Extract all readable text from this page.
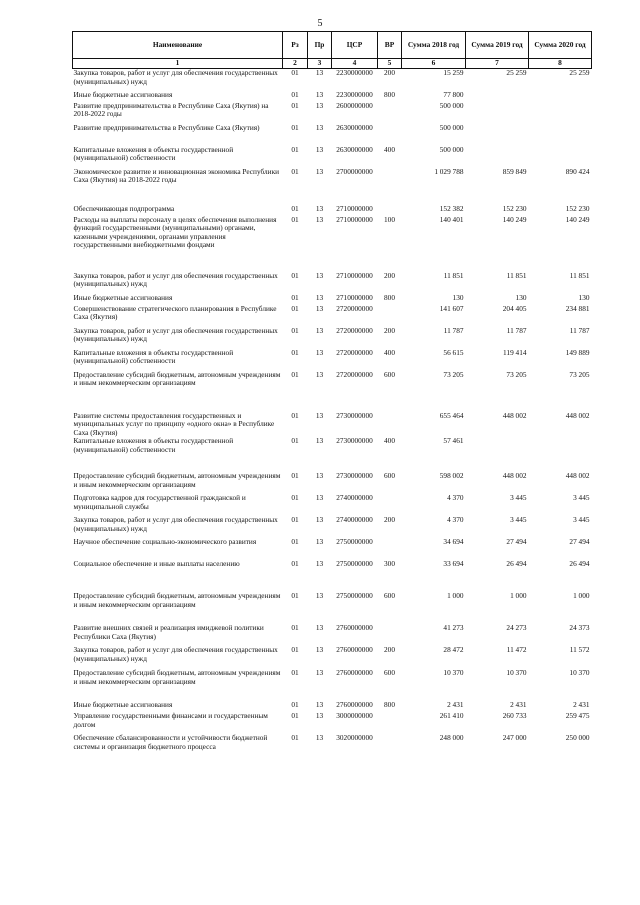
5
Наименование	Рз	Пр	ЦСР	ВР	Сумма 2018 год	Сумма 2019 год	Сумма 2020 год
1	2	3	4	5	6	7	8
Закупка товаров, работ и услуг для обеспечения государственных (муниципальных) нужд	01	13	2230000000	200	15 259	25 259	25 259
Иные бюджетные ассигнования	01	13	2230000000	800	77 800		
Развитие предпринимательства в Республике Саха (Якутия) на 2018-2022 годы	01	13	2600000000		500 000		
Развитие предпринимательства в Республике Саха (Якутия)	01	13	2630000000		500 000		
Капитальные вложения в объекты государственной (муниципальной) собственности	01	13	2630000000	400	500 000		
Экономическое развитие и инновационная экономика Республики Саха (Якутия) на 2018-2022 годы	01	13	2700000000		1 029 788	859 849	890 424
Обеспечивающая подпрограмма	01	13	2710000000		152 382	152 230	152 230
Расходы на выплаты персоналу в целях обеспечения выполнения функций государственными (муниципальными) органами, казенными учреждениями, органами управления государственными внебюджетными фондами	01	13	2710000000	100	140 401	140 249	140 249
Закупка товаров, работ и услуг для обеспечения государственных (муниципальных) нужд	01	13	2710000000	200	11 851	11 851	11 851
Иные бюджетные ассигнования	01	13	2710000000	800	130	130	130
Совершенствование стратегического планирования в Республике Саха (Якутия)	01	13	2720000000		141 607	204 405	234 881
Закупка товаров, работ и услуг для обеспечения государственных (муниципальных) нужд	01	13	2720000000	200	11 787	11 787	11 787
Капитальные вложения в объекты государственной (муниципальной) собственности	01	13	2720000000	400	56 615	119 414	149 889
Предоставление субсидий бюджетным, автономным учреждениям и иным некоммерческим организациям	01	13	2720000000	600	73 205	73 205	73 205
Развитие системы предоставления государственных и муниципальных услуг по принципу «одного окна» в Республике Саха (Якутия)	01	13	2730000000		655 464	448 002	448 002
Капитальные вложения в объекты государственной (муниципальной) собственности	01	13	2730000000	400	57 461		
Предоставление субсидий бюджетным, автономным учреждениям и иным некоммерческим организациям	01	13	2730000000	600	598 002	448 002	448 002
Подготовка кадров для государственной гражданской и муниципальной службы	01	13	2740000000		4 370	3 445	3 445
Закупка товаров, работ и услуг для обеспечения государственных (муниципальных) нужд	01	13	2740000000	200	4 370	3 445	3 445
Научное обеспечение социально-экономического развития	01	13	2750000000		34 694	27 494	27 494
Социальное обеспечение и иные выплаты населению	01	13	2750000000	300	33 694	26 494	26 494
Предоставление субсидий бюджетным, автономным учреждениям и иным некоммерческим организациям	01	13	2750000000	600	1 000	1 000	1 000
Развитие внешних связей и реализация имиджевой политики Республики Саха (Якутия)	01	13	2760000000		41 273	24 273	24 373
Закупка товаров, работ и услуг для обеспечения государственных (муниципальных) нужд	01	13	2760000000	200	28 472	11 472	11 572
Предоставление субсидий бюджетным, автономным учреждениям и иным некоммерческим организациям	01	13	2760000000	600	10 370	10 370	10 370
Иные бюджетные ассигнования	01	13	2760000000	800	2 431	2 431	2 431
Управление государственными финансами и государственным долгом	01	13	3000000000		261 410	260 733	259 475
Обеспечение сбалансированности и устойчивости бюджетной системы и организация бюджетного процесса	01	13	3020000000		248 000	247 000	250 000
